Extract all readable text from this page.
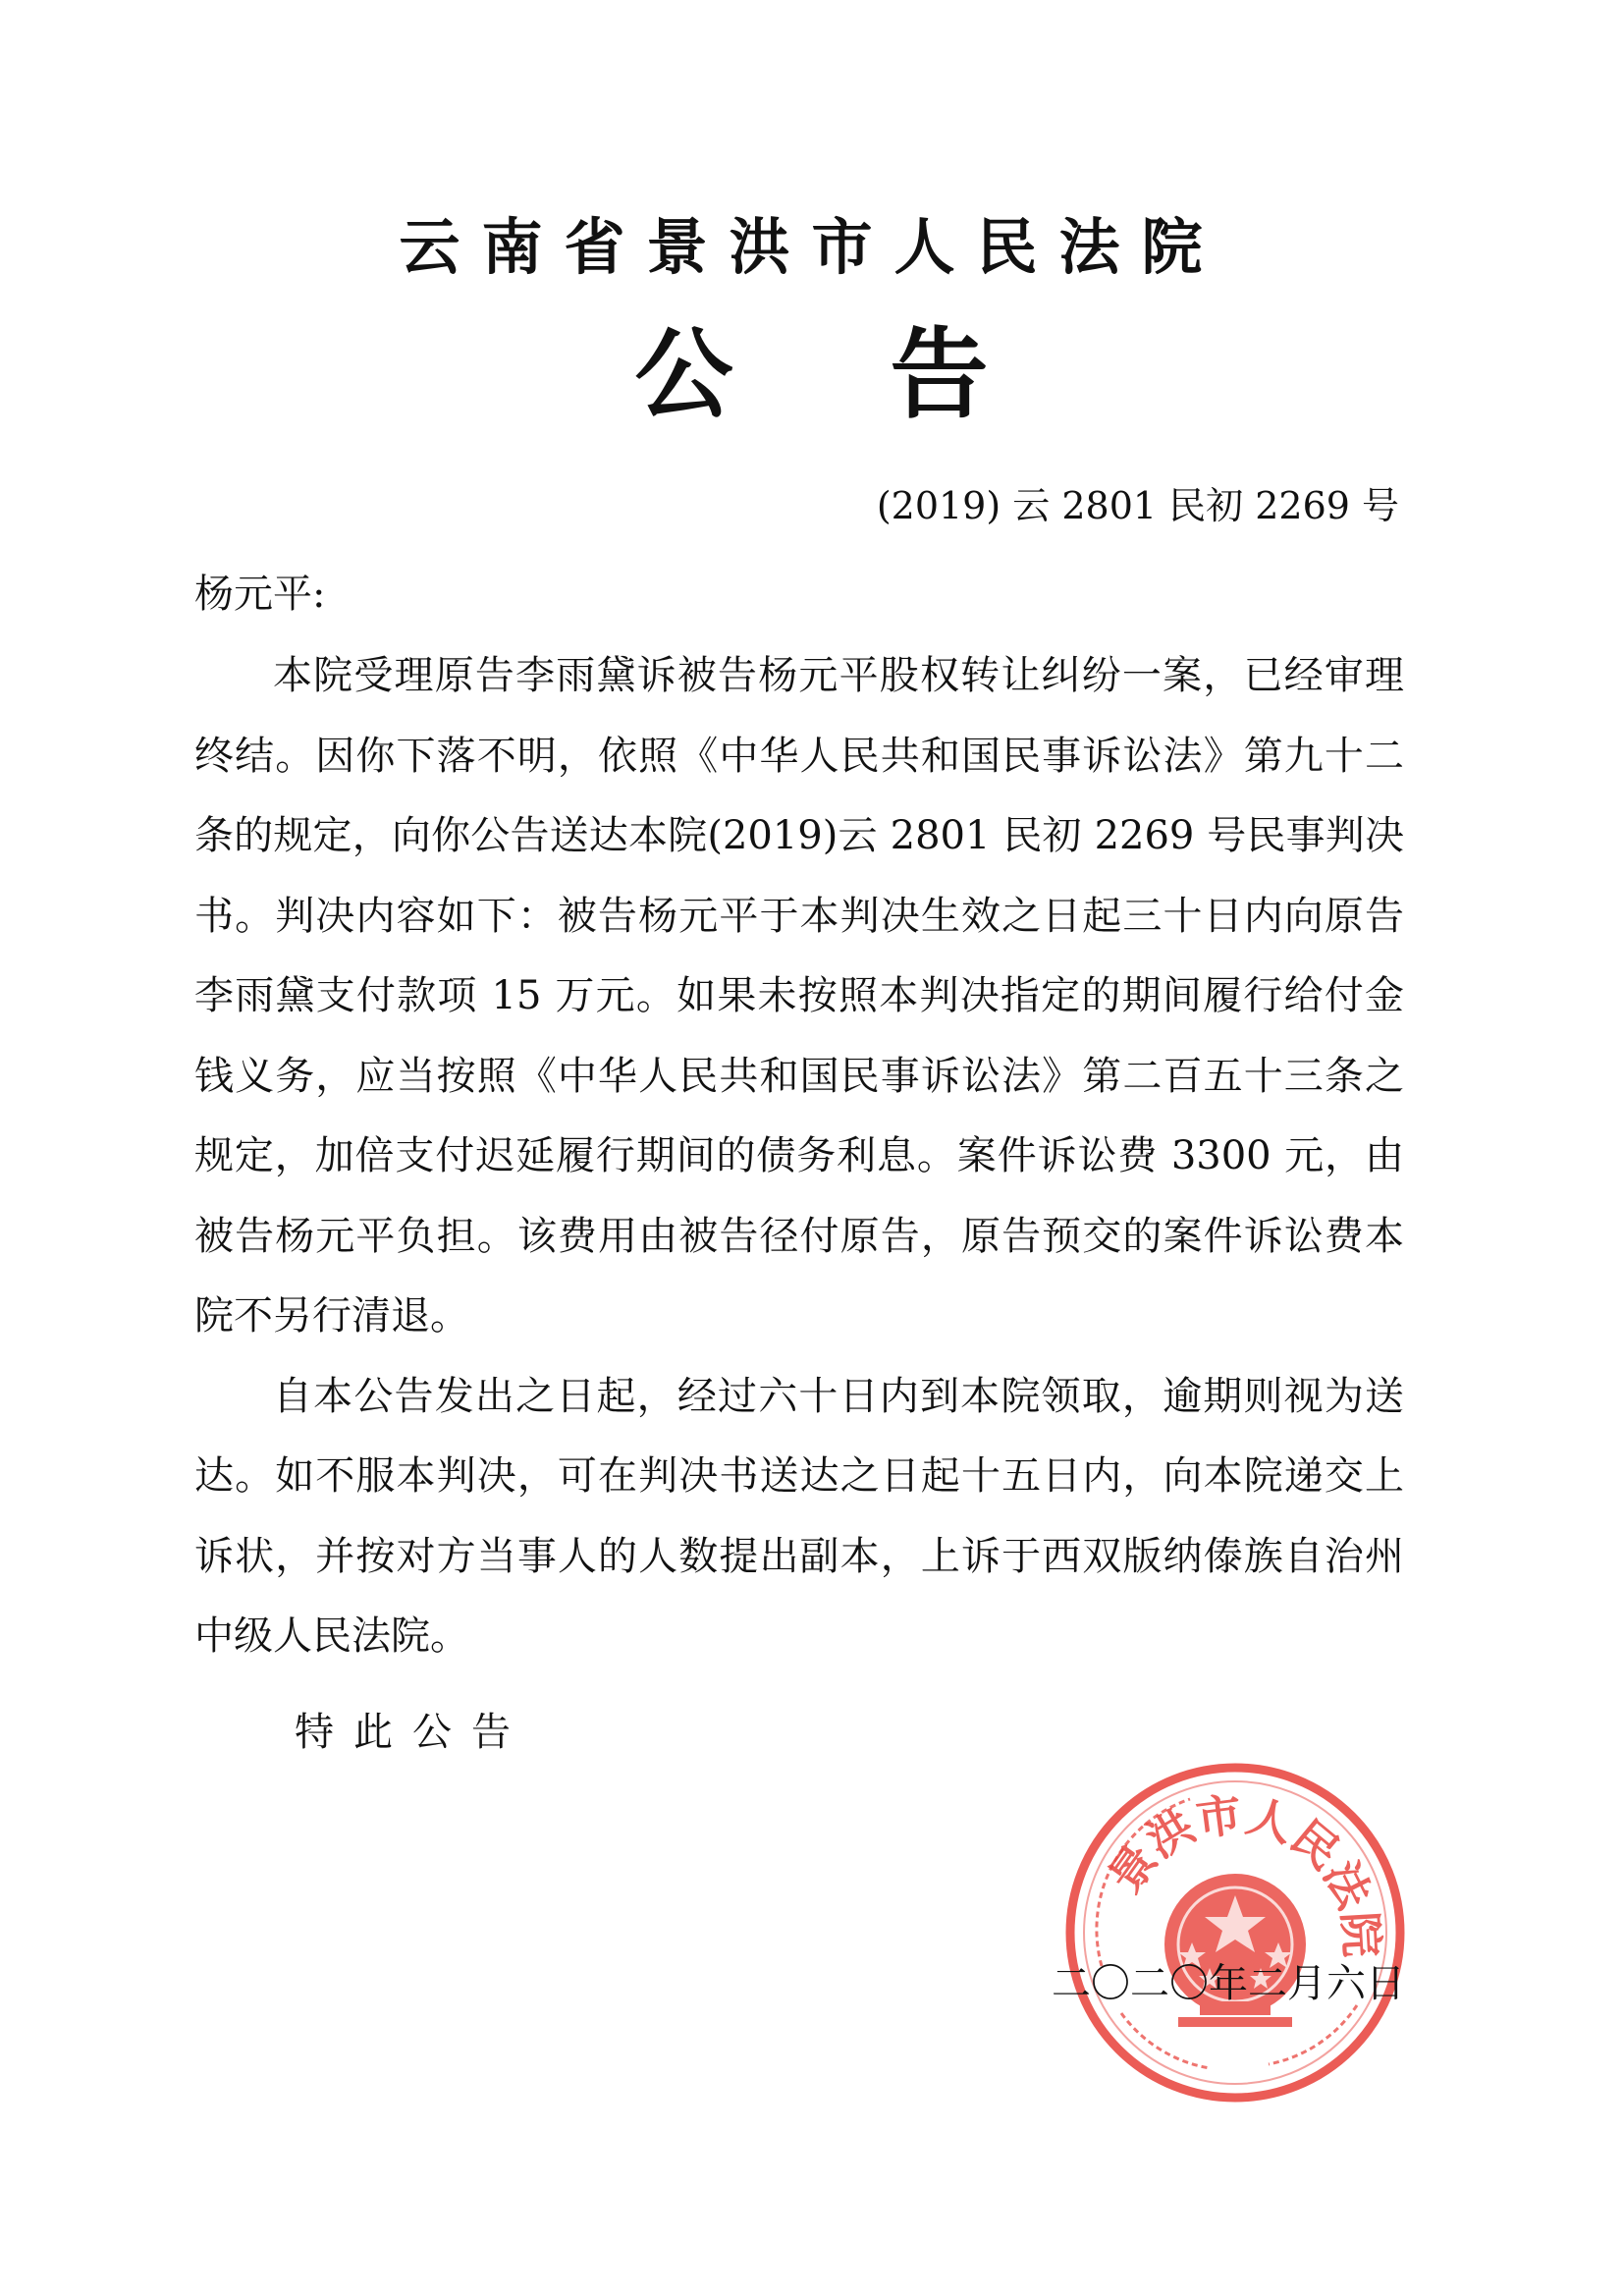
云南省景洪市人民法院
公 告
(2019) 云 2801 民初 2269 号
杨元平:

本院受理原告李雨黛诉被告杨元平股权转让纠纷一案，已经审理终结。因你下落不明，依照《中华人民共和国民事诉讼法》第九十二条的规定，向你公告送达本院(2019)云 2801 民初 2269 号民事判决书。判决内容如下：被告杨元平于本判决生效之日起三十日内向原告李雨黛支付款项 15 万元。如果未按照本判决指定的期间履行给付金钱义务，应当按照《中华人民共和国民事诉讼法》第二百五十三条之规定，加倍支付迟延履行期间的债务利息。案件诉讼费 3300 元，由被告杨元平负担。该费用由被告径付原告，原告预交的案件诉讼费本院不另行清退。

自本公告发出之日起，经过六十日内到本院领取，逾期则视为送达。如不服本判决，可在判决书送达之日起十五日内，向本院递交上诉状，并按对方当事人的人数提出副本，上诉于西双版纳傣族自治州中级人民法院。

特此公告
景洪市人民法院
二〇二〇年二月六日
